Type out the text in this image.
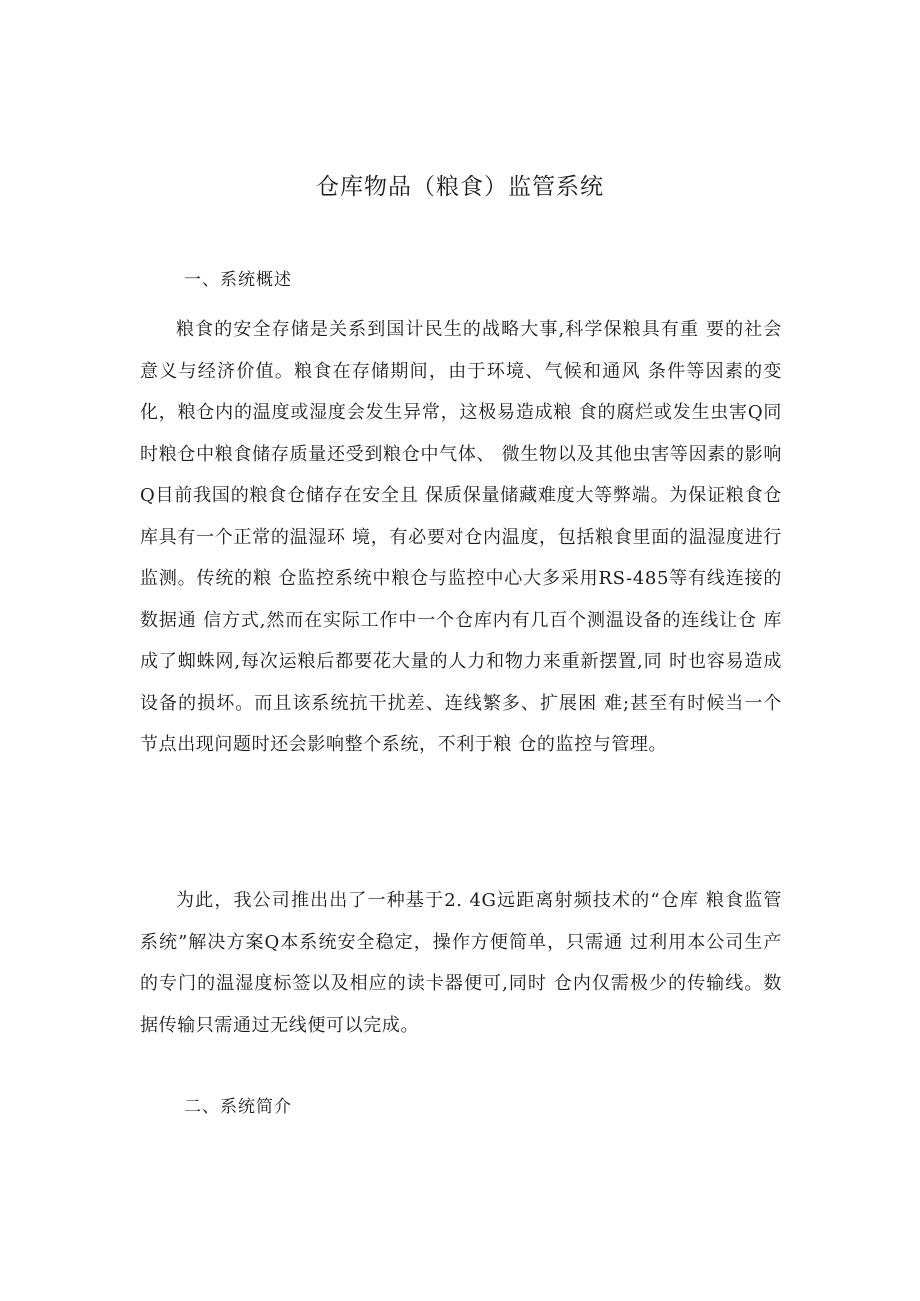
仓库物品（粮食）监管系统
一、系统概述

粮食的安全存储是关系到国计民生的战略大事,科学保粮具有重 要的社会意义与经济价值。粮食在存储期间，由于环境、气候和通风 条件等因素的变化，粮仓内的温度或湿度会发生异常，这极易造成粮 食的腐烂或发生虫害Q同时粮仓中粮食储存质量还受到粮仓中气体、 微生物以及其他虫害等因素的影响Q目前我国的粮食仓储存在安全且 保质保量储藏难度大等弊端。为保证粮食仓库具有一个正常的温湿环 境，有必要对仓内温度，包括粮食里面的温湿度进行监测。传统的粮 仓监控系统中粮仓与监控中心大多采用RS-485等有线连接的数据通 信方式,然而在实际工作中一个仓库内有几百个测温设备的连线让仓 库成了蜘蛛网,每次运粮后都要花大量的人力和物力来重新摆置,同 时也容易造成设备的损坏。而且该系统抗干扰差、连线繁多、扩展困 难;甚至有时候当一个节点出现问题时还会影响整个系统，不利于粮 仓的监控与管理。

为此，我公司推出出了一种基于2. 4G远距离射频技术的“仓库 粮食监管系统”解决方案Q本系统安全稳定，操作方便简单，只需通 过利用本公司生产的专门的温湿度标签以及相应的读卡器便可,同时 仓内仅需极少的传输线。数据传输只需通过无线便可以完成。

二、系统简介
